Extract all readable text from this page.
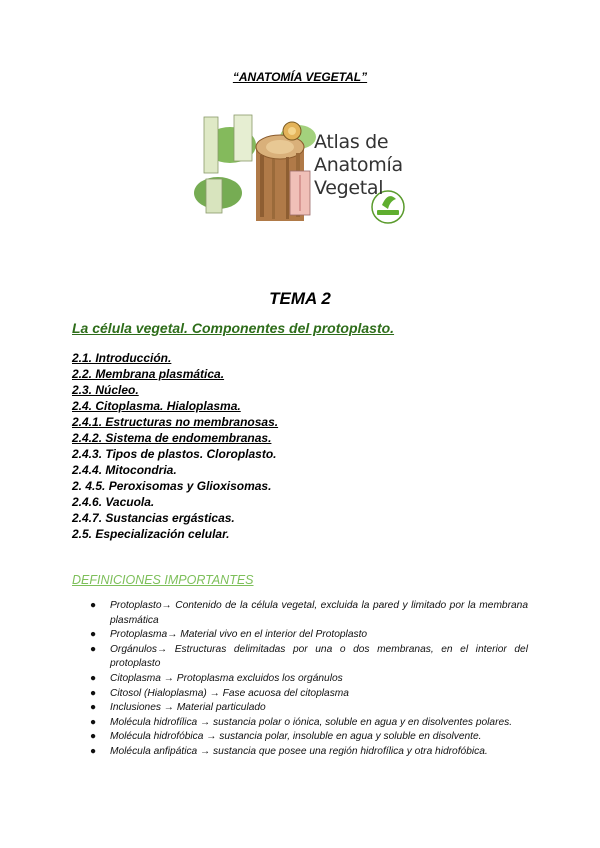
“ANATOMÍA VEGETAL”
Atlas de
Anatomía
Vegetal
TEMA 2
La célula vegetal. Componentes del protoplasto.
2.1. Introducción.
2.2. Membrana plasmática.
2.3. Núcleo.
2.4. Citoplasma. Hialoplasma.
2.4.1. Estructuras no membranosas.
2.4.2. Sistema de endomembranas.
2.4.3. Tipos de plastos. Cloroplasto.
2.4.4. Mitocondria.
2. 4.5. Peroxisomas y Glioxisomas.
2.4.6. Vacuola.
2.4.7. Sustancias ergásticas.
2.5. Especialización celular.
DEFINICIONES IMPORTANTES
● Protoplasto→ Contenido de la célula vegetal, excluida la pared y limitado por la membrana plasmática
● Protoplasma→ Material vivo en el interior del Protoplasto
● Orgánulos→ Estructuras delimitadas por una o dos membranas, en el interior del protoplasto
● Citoplasma → Protoplasma excluidos los orgánulos
● Citosol (Hialoplasma) → Fase acuosa del citoplasma
● Inclusiones → Material particulado
● Molécula hidrofílica → sustancia polar o iónica, soluble en agua y en disolventes polares.
● Molécula hidrofóbica → sustancia polar, insoluble en agua y soluble en disolvente.
● Molécula anfipática → sustancia que posee una región hidrofílica y otra hidrofóbica.
